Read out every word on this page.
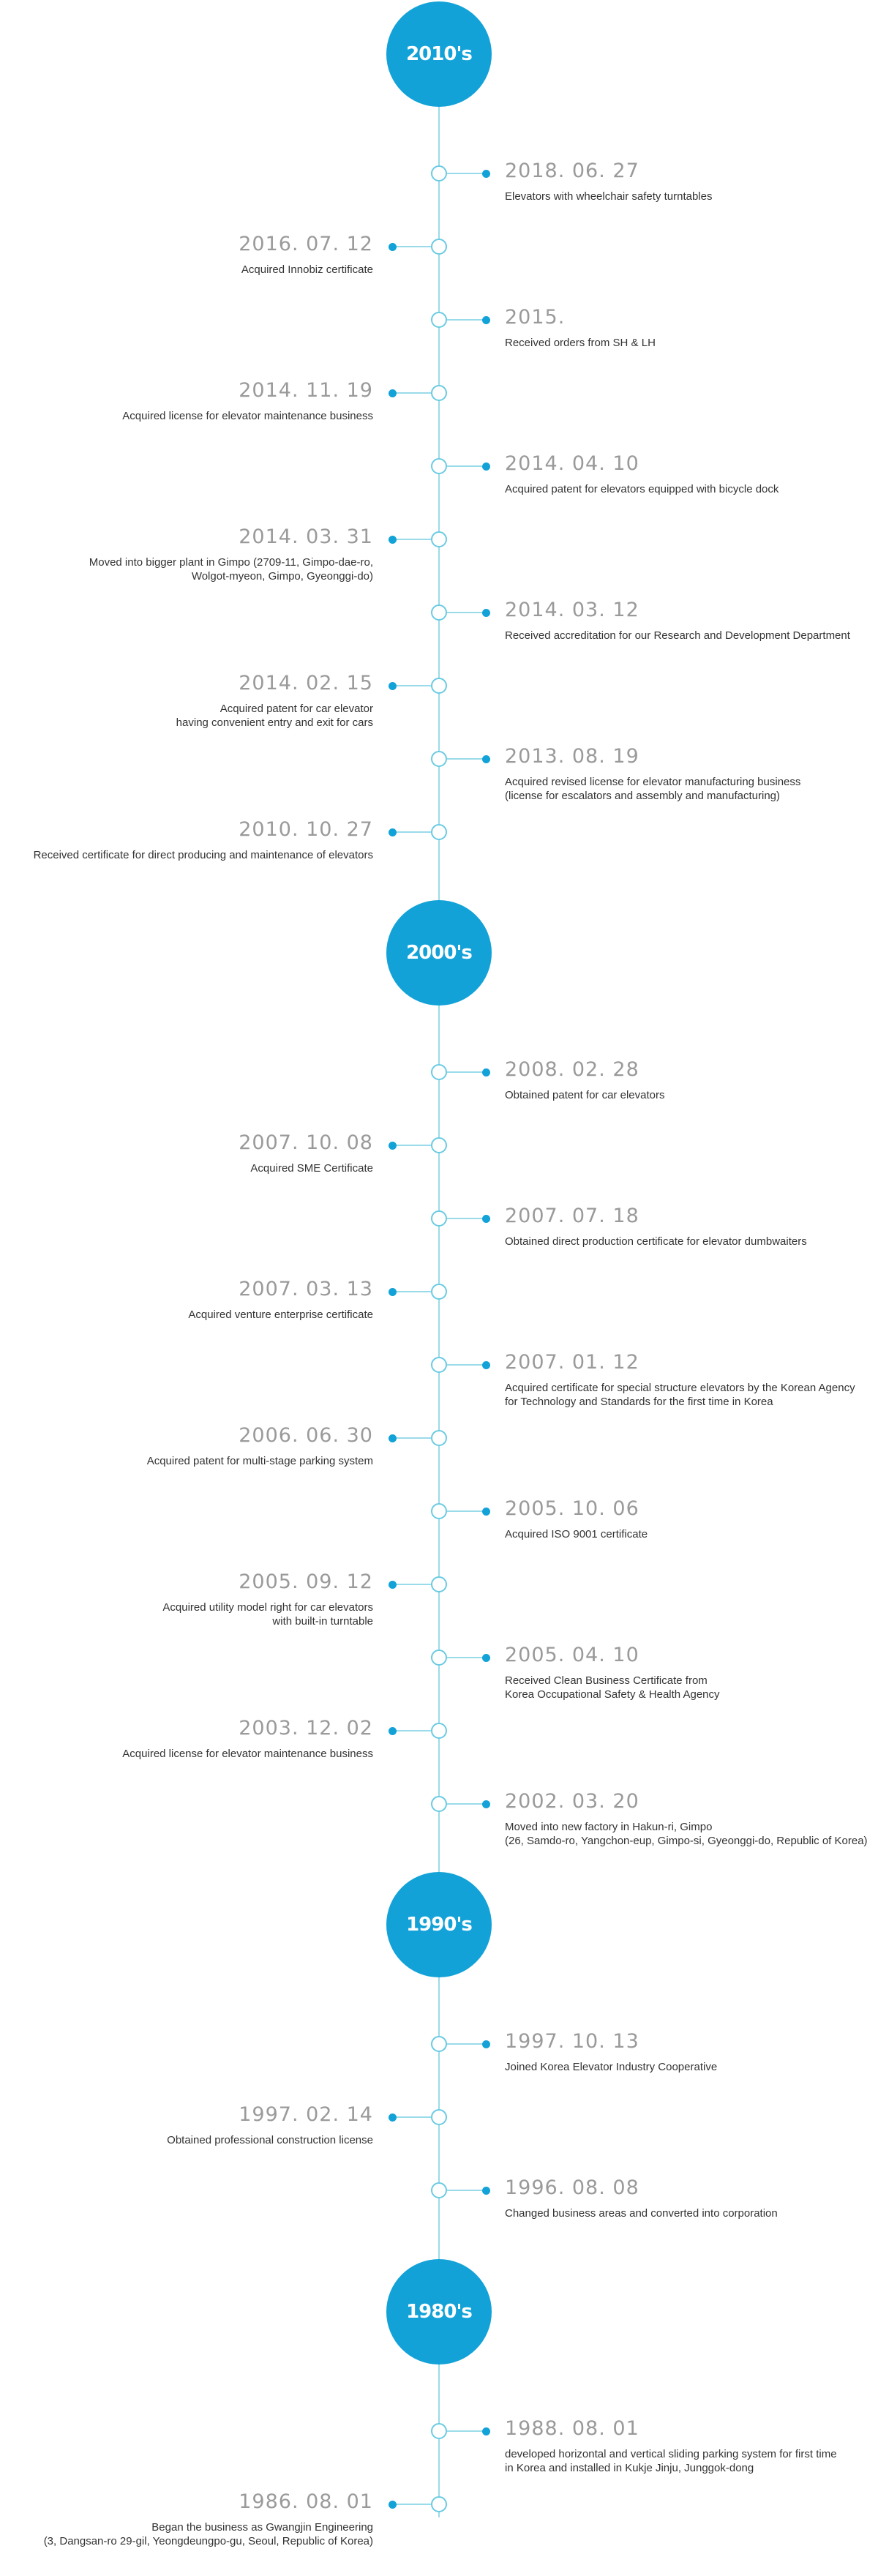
2010's
2018. 06. 27
Elevators with wheelchair safety turntables
2016. 07. 12
Acquired Innobiz certificate
2015.
Received orders from SH & LH
2014. 11. 19
Acquired license for elevator maintenance business
2014. 04. 10
Acquired patent for elevators equipped with bicycle dock
2014. 03. 31
Moved into bigger plant in Gimpo (2709-11, Gimpo-dae-ro,
Wolgot-myeon, Gimpo, Gyeonggi-do)
2014. 03. 12
Received accreditation for our Research and Development Department
2014. 02. 15
Acquired patent for car elevator
having convenient entry and exit for cars
2013. 08. 19
Acquired revised license for elevator manufacturing business
(license for escalators and assembly and manufacturing)
2010. 10. 27
Received certificate for direct producing and maintenance of elevators
2000's
2008. 02. 28
Obtained patent for car elevators
2007. 10. 08
Acquired SME Certificate
2007. 07. 18
Obtained direct production certificate for elevator dumbwaiters
2007. 03. 13
Acquired venture enterprise certificate
2007. 01. 12
Acquired certificate for special structure elevators by the Korean Agency
for Technology and Standards for the first time in Korea
2006. 06. 30
Acquired patent for multi-stage parking system
2005. 10. 06
Acquired ISO 9001 certificate
2005. 09. 12
Acquired utility model right for car elevators
with built-in turntable
2005. 04. 10
Received Clean Business Certificate from
Korea Occupational Safety & Health Agency
2003. 12. 02
Acquired license for elevator maintenance business
2002. 03. 20
Moved into new factory in Hakun-ri, Gimpo
(26, Samdo-ro, Yangchon-eup, Gimpo-si, Gyeonggi-do, Republic of Korea)
1990's
1997. 10. 13
Joined Korea Elevator Industry Cooperative
1997. 02. 14
Obtained professional construction license
1996. 08. 08
Changed business areas and converted into corporation
1980's
1988. 08. 01
developed horizontal and vertical sliding parking system for first time
in Korea and installed in Kukje Jinju, Junggok-dong
1986. 08. 01
Began the business as Gwangjin Engineering
(3, Dangsan-ro 29-gil, Yeongdeungpo-gu, Seoul, Republic of Korea)
